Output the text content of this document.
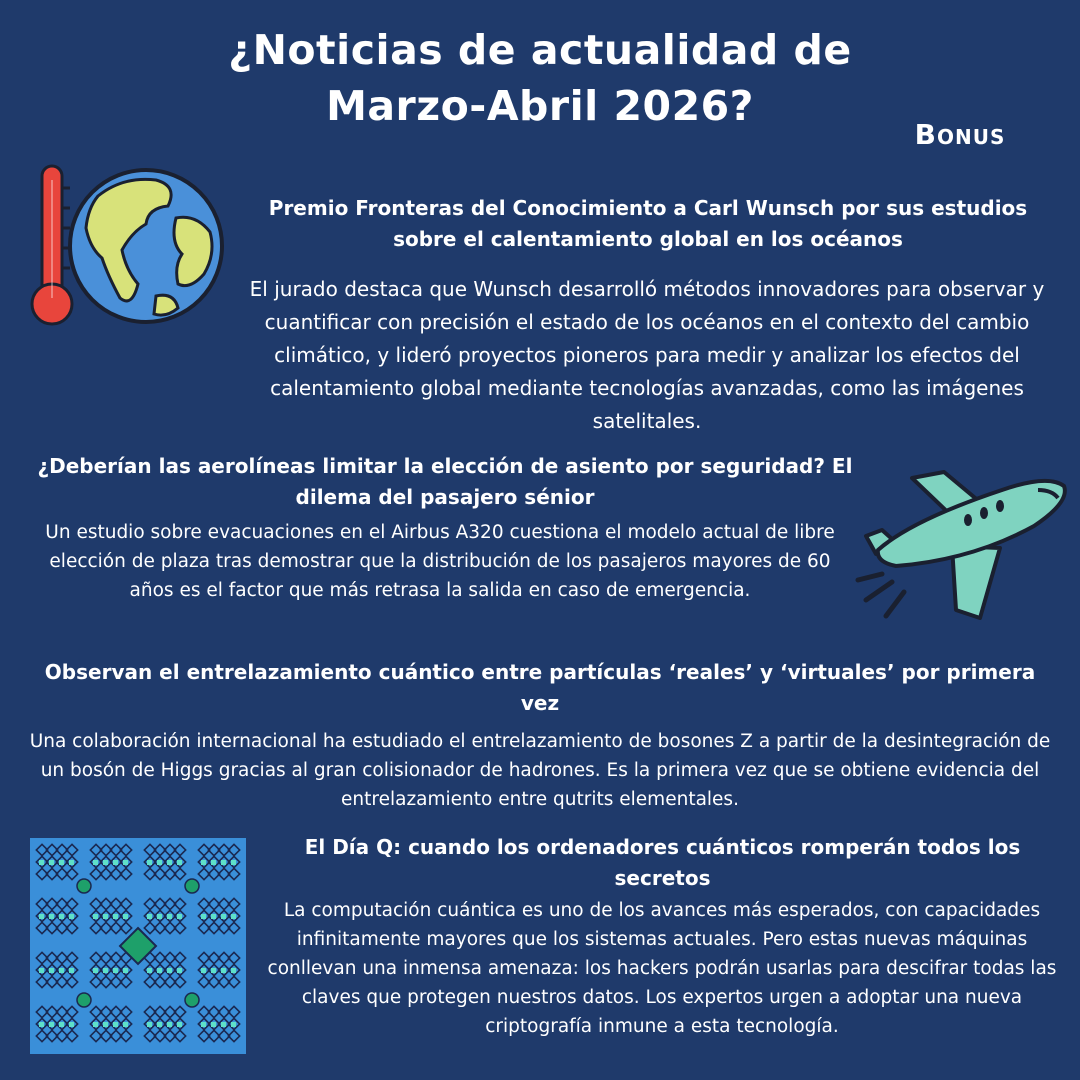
¿Noticias de actualidad de
Marzo-Abril 2026?
Bonus
Premio Fronteras del Conocimiento a Carl Wunsch por sus estudios sobre el calentamiento global en los océanos
El jurado destaca que Wunsch desarrolló métodos innovadores para observar y cuantificar con precisión el estado de los océanos en el contexto del cambio climático, y lideró proyectos pioneros para medir y analizar los efectos del calentamiento global mediante tecnologías avanzadas, como las imágenes satelitales.
¿Deberían las aerolíneas limitar la elección de asiento por seguridad? El dilema del pasajero sénior
Un estudio sobre evacuaciones en el Airbus A320 cuestiona el modelo actual de libre elección de plaza tras demostrar que la distribución de los pasajeros mayores de 60 años es el factor que más retrasa la salida en caso de emergencia.
Observan el entrelazamiento cuántico entre partículas ‘reales’ y ‘virtuales’ por primera vez
Una colaboración internacional ha estudiado el entrelazamiento de bosones Z a partir de la desintegración de un bosón de Higgs gracias al gran colisionador de hadrones. Es la primera vez que se obtiene evidencia del entrelazamiento entre qutrits elementales.
El Día Q: cuando los ordenadores cuánticos romperán todos los secretos
La computación cuántica es uno de los avances más esperados, con capacidades infinitamente mayores que los sistemas actuales. Pero estas nuevas máquinas conllevan una inmensa amenaza: los hackers podrán usarlas para descifrar todas las claves que protegen nuestros datos. Los expertos urgen a adoptar una nueva criptografía inmune a esta tecnología.
